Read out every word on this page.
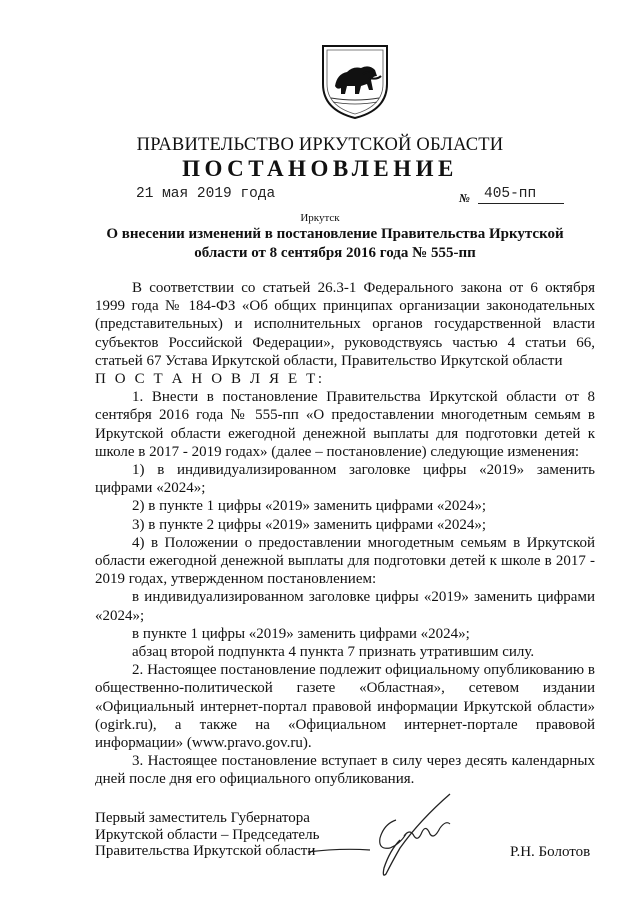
ПРАВИТЕЛЬСТВО ИРКУТСКОЙ ОБЛАСТИ
ПОСТАНОВЛЕНИЕ
21 мая 2019 года	№ 405-пп
Иркутск
О внесении изменений в постановление Правительства Иркутской
области от 8 сентября 2016 года № 555-пп

В соответствии со статьей 26.3-1 Федерального закона от 6 октября 1999 года № 184-ФЗ «Об общих принципах организации законодательных (представительных) и исполнительных органов государственной власти субъектов Российской Федерации», руководствуясь частью 4 статьи 66, статьей 67 Устава Иркутской области, Правительство Иркутской области

П О С Т А Н О В Л Я Е Т:

1. Внести в постановление Правительства Иркутской области от 8 сентября 2016 года № 555-пп «О предоставлении многодетным семьям в Иркутской области ежегодной денежной выплаты для подготовки детей к школе в 2017 - 2019 годах» (далее – постановление) следующие изменения:

1) в индивидуализированном заголовке цифры «2019» заменить цифрами «2024»;

2) в пункте 1 цифры «2019» заменить цифрами «2024»;

3) в пункте 2 цифры «2019» заменить цифрами «2024»;

4) в Положении о предоставлении многодетным семьям в Иркутской области ежегодной денежной выплаты для подготовки детей к школе в 2017 - 2019 годах, утвержденном постановлением:

в индивидуализированном заголовке цифры «2019» заменить цифрами «2024»;

в пункте 1 цифры «2019» заменить цифрами «2024»;

абзац второй подпункта 4 пункта 7 признать утратившим силу.

2. Настоящее постановление подлежит официальному опубликованию в общественно-политической газете «Областная», сетевом издании «Официальный интернет-портал правовой информации Иркутской области» (ogirk.ru), а также на «Официальном интернет-портале правовой информации» (www.pravo.gov.ru).

3. Настоящее постановление вступает в силу через десять календарных дней после дня его официального опубликования.

Первый заместитель Губернатора
Иркутской области – Председатель
Правительства Иркутской области	Р.Н. Болотов
